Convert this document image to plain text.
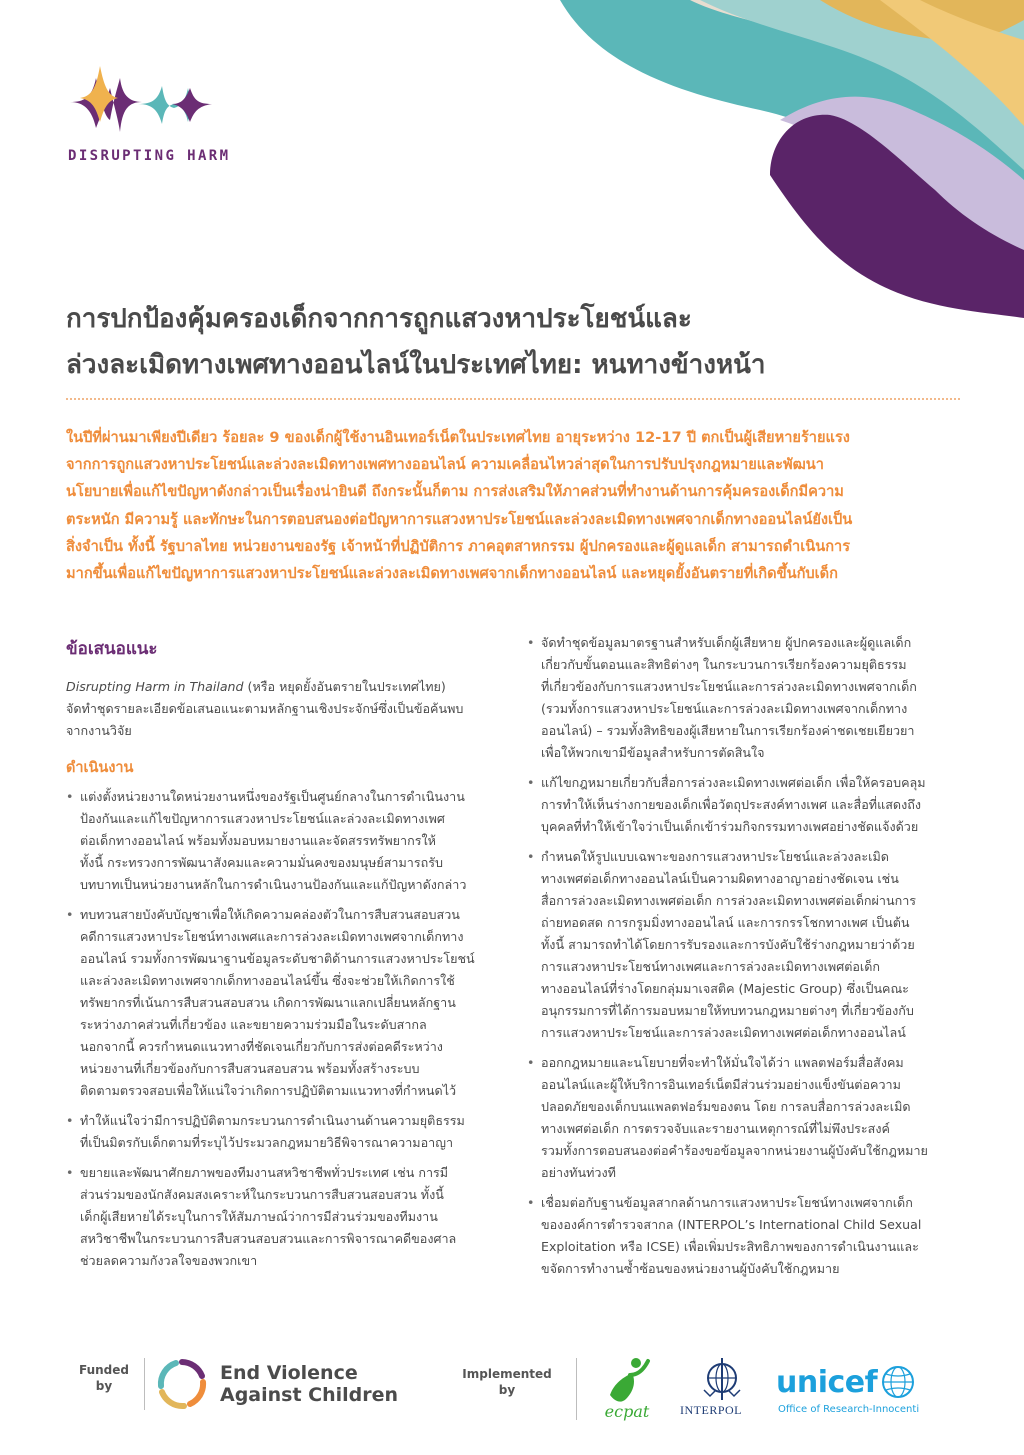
DISRUPTING HARM
การปกป้องคุ้มครองเด็กจากการถูกแสวงหาประโยชน์และ
ล่วงละเมิดทางเพศทางออนไลน์ในประเทศไทย: หนทางข้างหน้า
ในปีที่ผ่านมาเพียงปีเดียว ร้อยละ 9 ของเด็กผู้ใช้งานอินเทอร์เน็ตในประเทศไทย อายุระหว่าง 12-17 ปี ตกเป็นผู้เสียหายร้ายแรง
จากการถูกแสวงหาประโยชน์และล่วงละเมิดทางเพศทางออนไลน์ ความเคลื่อนไหวล่าสุดในการปรับปรุงกฎหมายและพัฒนา
นโยบายเพื่อแก้ไขปัญหาดังกล่าวเป็นเรื่องน่ายินดี ถึงกระนั้นก็ตาม การส่งเสริมให้ภาคส่วนที่ทำงานด้านการคุ้มครองเด็กมีความ
ตระหนัก มีความรู้ และทักษะในการตอบสนองต่อปัญหาการแสวงหาประโยชน์และล่วงละเมิดทางเพศจากเด็กทางออนไลน์ยังเป็น
สิ่งจำเป็น ทั้งนี้ รัฐบาลไทย หน่วยงานของรัฐ เจ้าหน้าที่ปฏิบัติการ ภาคอุตสาหกรรม ผู้ปกครองและผู้ดูแลเด็ก สามารถดำเนินการ
มากขึ้นเพื่อแก้ไขปัญหาการแสวงหาประโยชน์และล่วงละเมิดทางเพศจากเด็กทางออนไลน์ และหยุดยั้งอันตรายที่เกิดขึ้นกับเด็ก
ข้อเสนอแนะ
Disrupting Harm in Thailand (หรือ หยุดยั้งอันตรายในประเทศไทย)
จัดทำชุดรายละเอียดข้อเสนอแนะตามหลักฐานเชิงประจักษ์ซึ่งเป็นข้อค้นพบ
จากงานวิจัย
ดำเนินงาน
• แต่งตั้งหน่วยงานใดหน่วยงานหนึ่งของรัฐเป็นศูนย์กลางในการดำเนินงาน
ป้องกันและแก้ไขปัญหาการแสวงหาประโยชน์และล่วงละเมิดทางเพศ
ต่อเด็กทางออนไลน์ พร้อมทั้งมอบหมายงานและจัดสรรทรัพยากรให้
ทั้งนี้ กระทรวงการพัฒนาสังคมและความมั่นคงของมนุษย์สามารถรับ
บทบาทเป็นหน่วยงานหลักในการดำเนินงานป้องกันและแก้ปัญหาดังกล่าว
• ทบทวนสายบังคับบัญชาเพื่อให้เกิดความคล่องตัวในการสืบสวนสอบสวน
คดีการแสวงหาประโยชน์ทางเพศและการล่วงละเมิดทางเพศจากเด็กทาง
ออนไลน์ รวมทั้งการพัฒนาฐานข้อมูลระดับชาติด้านการแสวงหาประโยชน์
และล่วงละเมิดทางเพศจากเด็กทางออนไลน์ขึ้น ซึ่งจะช่วยให้เกิดการใช้
ทรัพยากรที่เน้นการสืบสวนสอบสวน เกิดการพัฒนาแลกเปลี่ยนหลักฐาน
ระหว่างภาคส่วนที่เกี่ยวข้อง และขยายความร่วมมือในระดับสากล
นอกจากนี้ ควรกำหนดแนวทางที่ชัดเจนเกี่ยวกับการส่งต่อคดีระหว่าง
หน่วยงานที่เกี่ยวข้องกับการสืบสวนสอบสวน พร้อมทั้งสร้างระบบ
ติดตามตรวจสอบเพื่อให้แน่ใจว่าเกิดการปฏิบัติตามแนวทางที่กำหนดไว้
• ทำให้แน่ใจว่ามีการปฏิบัติตามกระบวนการดำเนินงานด้านความยุติธรรม
ที่เป็นมิตรกับเด็กตามที่ระบุไว้ประมวลกฎหมายวิธีพิจารณาความอาญา
• ขยายและพัฒนาศักยภาพของทีมงานสหวิชาชีพทั่วประเทศ เช่น การมี
ส่วนร่วมของนักสังคมสงเคราะห์ในกระบวนการสืบสวนสอบสวน ทั้งนี้
เด็กผู้เสียหายได้ระบุในการให้สัมภาษณ์ว่าการมีส่วนร่วมของทีมงาน
สหวิชาชีพในกระบวนการสืบสวนสอบสวนและการพิจารณาคดีของศาล
ช่วยลดความกังวลใจของพวกเขา
• จัดทำชุดข้อมูลมาตรฐานสำหรับเด็กผู้เสียหาย ผู้ปกครองและผู้ดูแลเด็ก
เกี่ยวกับขั้นตอนและสิทธิต่างๆ ในกระบวนการเรียกร้องความยุติธรรม
ที่เกี่ยวข้องกับการแสวงหาประโยชน์และการล่วงละเมิดทางเพศจากเด็ก
(รวมทั้งการแสวงหาประโยชน์และการล่วงละเมิดทางเพศจากเด็กทาง
ออนไลน์) – รวมทั้งสิทธิของผู้เสียหายในการเรียกร้องค่าชดเชยเยียวยา
เพื่อให้พวกเขามีข้อมูลสำหรับการตัดสินใจ
• แก้ไขกฎหมายเกี่ยวกับสื่อการล่วงละเมิดทางเพศต่อเด็ก เพื่อให้ครอบคลุม
การทำให้เห็นร่างกายของเด็กเพื่อวัตถุประสงค์ทางเพศ และสื่อที่แสดงถึง
บุคคลที่ทำให้เข้าใจว่าเป็นเด็กเข้าร่วมกิจกรรมทางเพศอย่างชัดแจ้งด้วย
• กำหนดให้รูปแบบเฉพาะของการแสวงหาประโยชน์และล่วงละเมิด
ทางเพศต่อเด็กทางออนไลน์เป็นความผิดทางอาญาอย่างชัดเจน เช่น
สื่อการล่วงละเมิดทางเพศต่อเด็ก การล่วงละเมิดทางเพศต่อเด็กผ่านการ
ถ่ายทอดสด การกรูมมิ่งทางออนไลน์ และการกรรโชกทางเพศ เป็นต้น
ทั้งนี้ สามารถทำได้โดยการรับรองและการบังคับใช้ร่างกฎหมายว่าด้วย
การแสวงหาประโยชน์ทางเพศและการล่วงละเมิดทางเพศต่อเด็ก
ทางออนไลน์ที่ร่างโดยกลุ่มมาเจสติค (Majestic Group) ซึ่งเป็นคณะ
อนุกรรมการที่ได้การมอบหมายให้ทบทวนกฎหมายต่างๆ ที่เกี่ยวข้องกับ
การแสวงหาประโยชน์และการล่วงละเมิดทางเพศต่อเด็กทางออนไลน์
• ออกกฎหมายและนโยบายที่จะทำให้มั่นใจได้ว่า แพลตฟอร์มสื่อสังคม
ออนไลน์และผู้ให้บริการอินเทอร์เน็ตมีส่วนร่วมอย่างแข็งขันต่อความ
ปลอดภัยของเด็กบนแพลตฟอร์มของตน โดย การลบสื่อการล่วงละเมิด
ทางเพศต่อเด็ก การตรวจจับและรายงานเหตุการณ์ที่ไม่พึงประสงค์
รวมทั้งการตอบสนองต่อคำร้องขอข้อมูลจากหน่วยงานผู้บังคับใช้กฎหมาย
อย่างทันท่วงที
• เชื่อมต่อกับฐานข้อมูลสากลด้านการแสวงหาประโยชน์ทางเพศจากเด็ก
ขององค์การตำรวจสากล (INTERPOL’s International Child Sexual
Exploitation หรือ ICSE) เพื่อเพิ่มประสิทธิภาพของการดำเนินงานและ
ขจัดการทำงานซ้ำซ้อนของหน่วยงานผู้บังคับใช้กฎหมาย
Funded by
End Violence
Against Children
Implemented by
ecpat	INTERPOL
unicef
Office of Research-Innocenti
